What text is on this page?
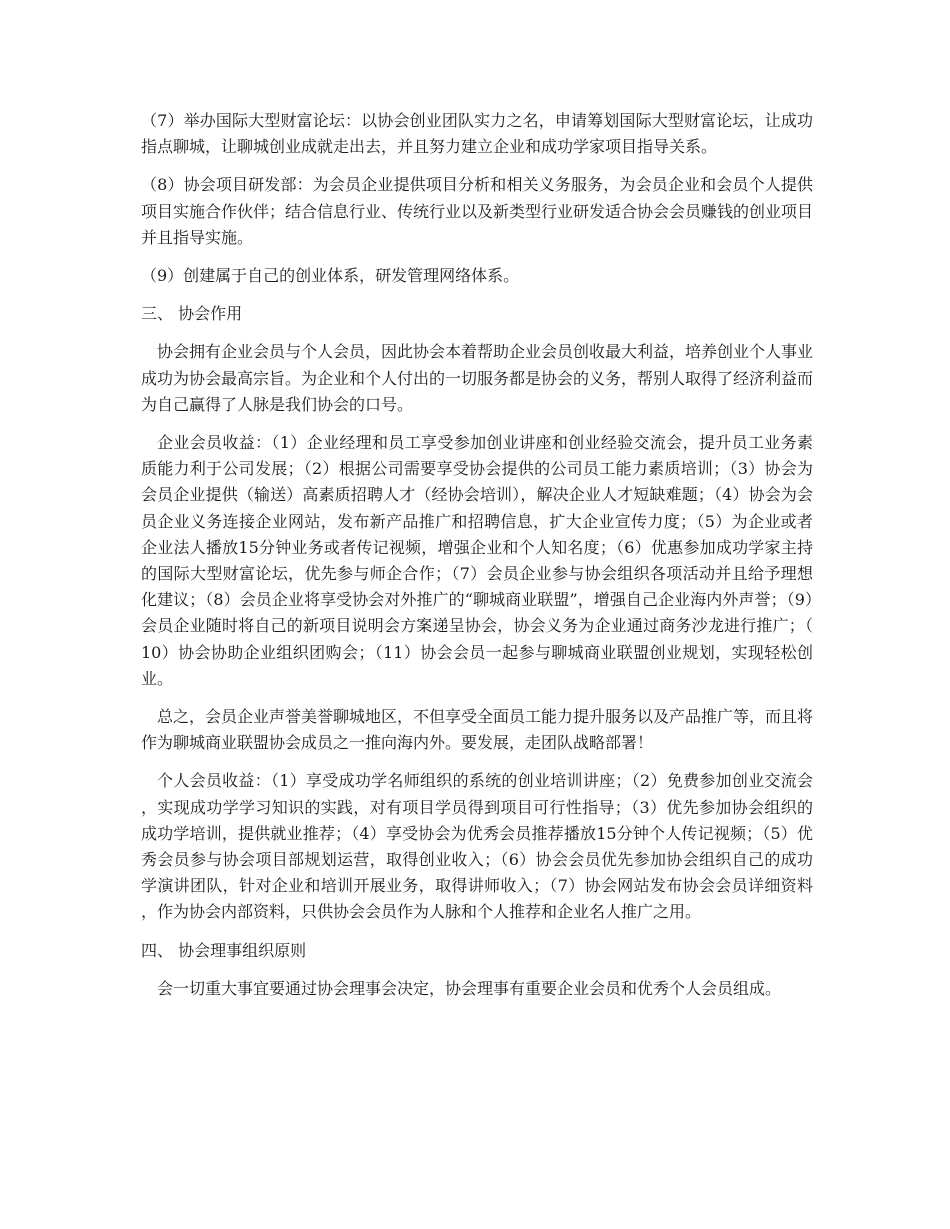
（7）举办国际大型财富论坛：以协会创业团队实力之名，申请筹划国际大型财富论坛，让成功指点聊城，让聊城创业成就走出去，并且努力建立企业和成功学家项目指导关系。

（8）协会项目研发部：为会员企业提供项目分析和相关义务服务，为会员企业和会员个人提供项目实施合作伙伴；结合信息行业、传统行业以及新类型行业研发适合协会会员赚钱的创业项目并且指导实施。

（9）创建属于自己的创业体系，研发管理网络体系。

三、 协会作用

协会拥有企业会员与个人会员，因此协会本着帮助企业会员创收最大利益，培养创业个人事业成功为协会最高宗旨。为企业和个人付出的一切服务都是协会的义务，帮别人取得了经济利益而为自己赢得了人脉是我们协会的口号。

企业会员收益：（1）企业经理和员工享受参加创业讲座和创业经验交流会，提升员工业务素质能力利于公司发展；（2）根据公司需要享受协会提供的公司员工能力素质培训；（3）协会为会员企业提供（输送）高素质招聘人才（经协会培训），解决企业人才短缺难题；（4）协会为会员企业义务连接企业网站，发布新产品推广和招聘信息，扩大企业宣传力度；（5）为企业或者企业法人播放15分钟业务或者传记视频，增强企业和个人知名度；（6）优惠参加成功学家主持的国际大型财富论坛，优先参与师企合作；（7）会员企业参与协会组织各项活动并且给予理想化建议；（8）会员企业将享受协会对外推广的“聊城商业联盟”，增强自己企业海内外声誉；（9）会员企业随时将自己的新项目说明会方案递呈协会，协会义务为企业通过商务沙龙进行推广；（10）协会协助企业组织团购会；（11）协会会员一起参与聊城商业联盟创业规划，实现轻松创业。

总之，会员企业声誉美誉聊城地区，不但享受全面员工能力提升服务以及产品推广等，而且将作为聊城商业联盟协会成员之一推向海内外。要发展，走团队战略部署！

个人会员收益：（1）享受成功学名师组织的系统的创业培训讲座；（2）免费参加创业交流会，实现成功学学习知识的实践，对有项目学员得到项目可行性指导；（3）优先参加协会组织的成功学培训，提供就业推荐；（4）享受协会为优秀会员推荐播放15分钟个人传记视频；（5）优秀会员参与协会项目部规划运营，取得创业收入；（6）协会会员优先参加协会组织自己的成功学演讲团队，针对企业和培训开展业务，取得讲师收入；（7）协会网站发布协会会员详细资料，作为协会内部资料，只供协会会员作为人脉和个人推荐和企业名人推广之用。

四、 协会理事组织原则

会一切重大事宜要通过协会理事会决定，协会理事有重要企业会员和优秀个人会员组成。
